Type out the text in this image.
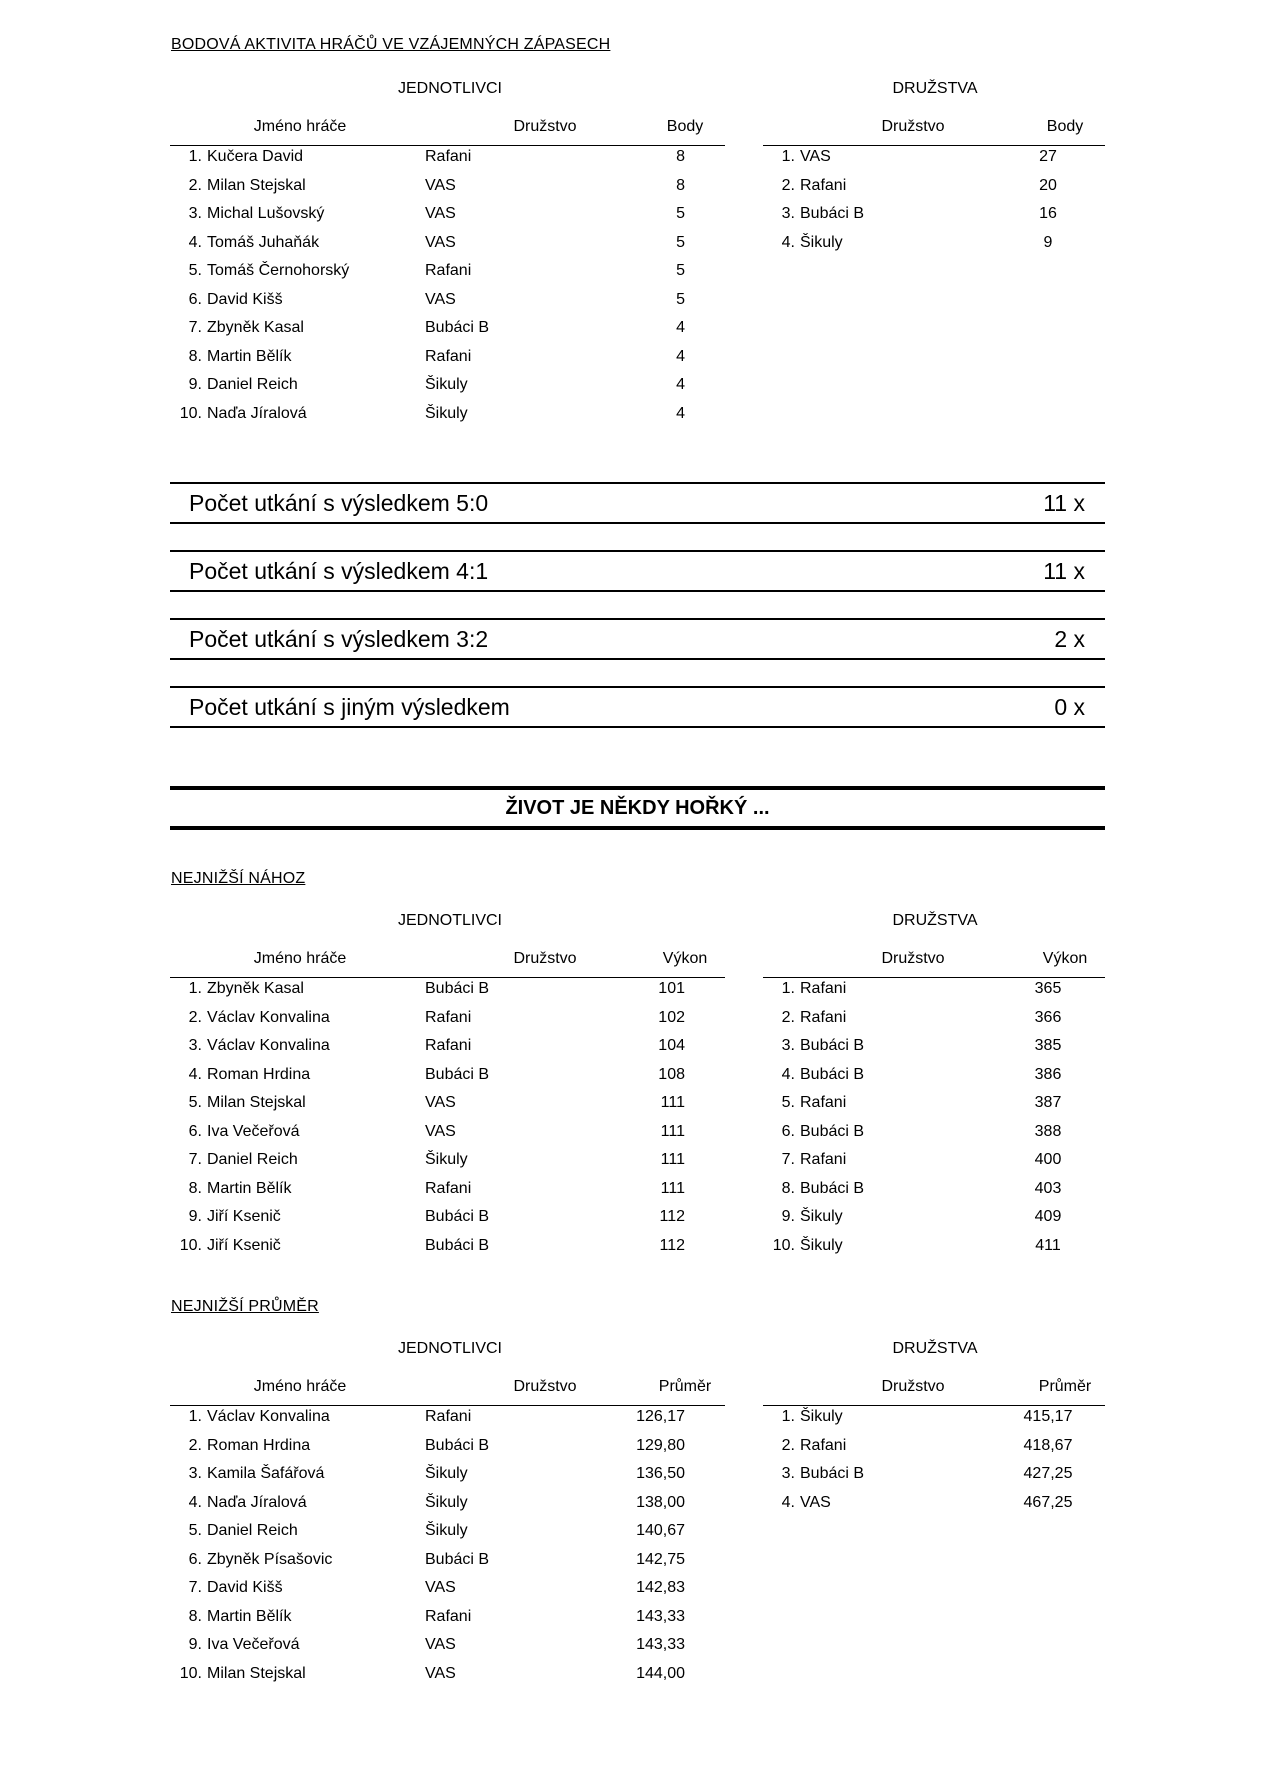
BODOVÁ AKTIVITA HRÁČŮ VE VZÁJEMNÝCH ZÁPASECH
JEDNOTLIVCI	DRUŽSTVA
Jméno hráče	Družstvo	Body
1. Kučera David	Rafani	8
2. Milan Stejskal	VAS	8
3. Michal Lušovský	VAS	5
4. Tomáš Juhaňák	VAS	5
5. Tomáš Černohorský	Rafani	5
6. David Kišš	VAS	5
7. Zbyněk Kasal	Bubáci B	4
8. Martin Bělík	Rafani	4
9. Daniel Reich	Šikuly	4
10. Naďa Jíralová	Šikuly	4
Družstvo	Body
1. VAS	27
2. Rafani	20
3. Bubáci B	16
4. Šikuly	9
Počet utkání s výsledkem 5:0	11 x
Počet utkání s výsledkem 4:1	11 x
Počet utkání s výsledkem 3:2	2 x
Počet utkání s jiným výsledkem	0 x
ŽIVOT JE NĚKDY HOŘKÝ ...
NEJNIŽŠÍ NÁHOZ
JEDNOTLIVCI	DRUŽSTVA
Jméno hráče	Družstvo	Výkon
1. Zbyněk Kasal	Bubáci B	101
2. Václav Konvalina	Rafani	102
3. Václav Konvalina	Rafani	104
4. Roman Hrdina	Bubáci B	108
5. Milan Stejskal	VAS	111
6. Iva Večeřová	VAS	111
7. Daniel Reich	Šikuly	111
8. Martin Bělík	Rafani	111
9. Jiří Ksenič	Bubáci B	112
10. Jiří Ksenič	Bubáci B	112
Družstvo	Výkon
1. Rafani	365
2. Rafani	366
3. Bubáci B	385
4. Bubáci B	386
5. Rafani	387
6. Bubáci B	388
7. Rafani	400
8. Bubáci B	403
9. Šikuly	409
10. Šikuly	411
NEJNIŽŠÍ PRŮMĚR
JEDNOTLIVCI	DRUŽSTVA
Jméno hráče	Družstvo	Průměr
1. Václav Konvalina	Rafani	126,17
2. Roman Hrdina	Bubáci B	129,80
3. Kamila Šafářová	Šikuly	136,50
4. Naďa Jíralová	Šikuly	138,00
5. Daniel Reich	Šikuly	140,67
6. Zbyněk Písašovic	Bubáci B	142,75
7. David Kišš	VAS	142,83
8. Martin Bělík	Rafani	143,33
9. Iva Večeřová	VAS	143,33
10. Milan Stejskal	VAS	144,00
Družstvo	Průměr
1. Šikuly	415,17
2. Rafani	418,67
3. Bubáci B	427,25
4. VAS	467,25
